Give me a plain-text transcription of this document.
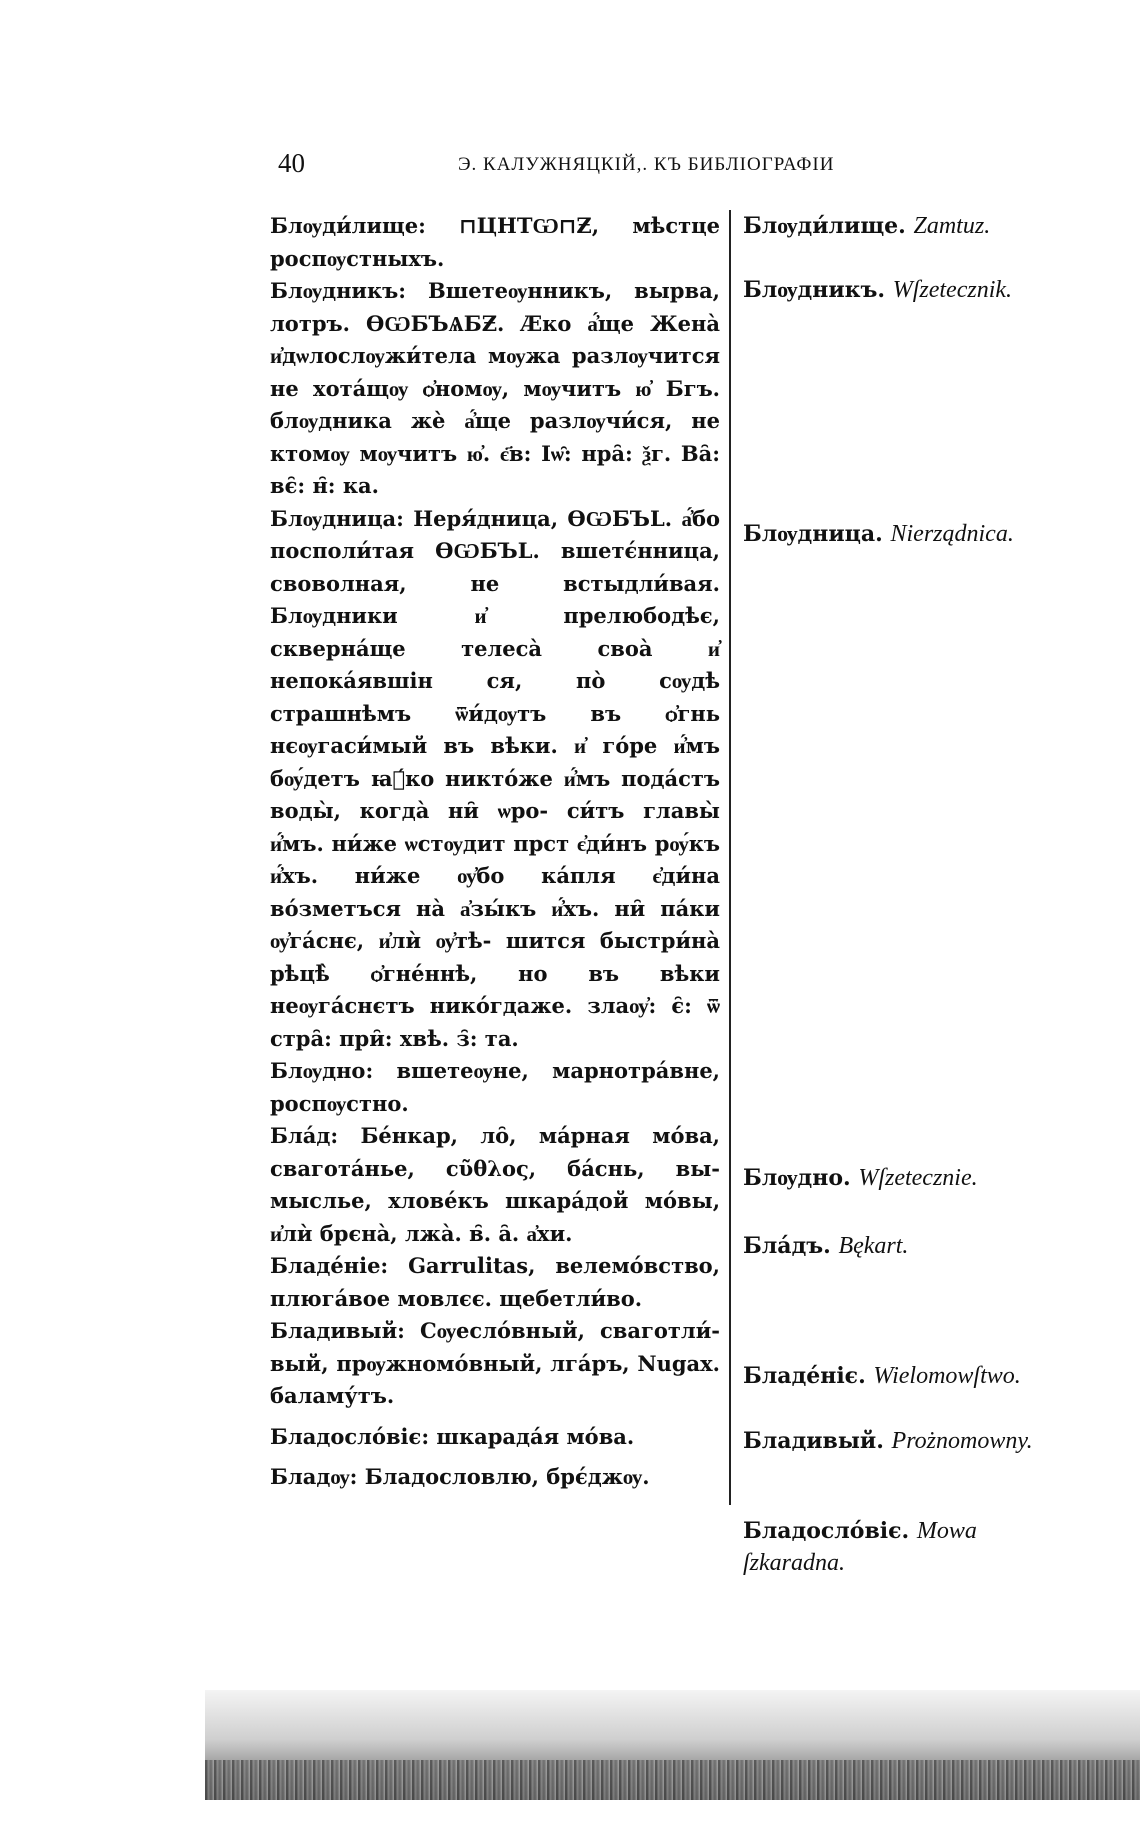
40	Э. КАЛУЖНЯЦКІЙ,. КЪ БИБЛІОГРАФІИ

Блѹди́лище: ⊓ЦНТѠ⊓Ƶ, мѣстце роспѹстныхъ.

Блѹдникъ: Вшетеѹнникъ, вырва, лотръ. ѲѠБЪѦБƵ. Ӕко а҆́ще Жена̀ и҆дѡлослѹжи́тела мѹжа разлѹчится не хота́щѹ ѻ҆номѹ, мѹчитъ ю҆ Бгъ. блѹдника жѐ а҆́ще разлѹчи́ся, не ктомѹ мѹчитъ ю҆. є҃в: Ιѡ̑: нра̑: ѯг. Ва̑: вє̑: н̑: ка.

Блѹдница: Неря́дница, ѲѠБЪL. а҆́бо посполи́тая ѲѠБЪL. вшетє́нница, своволная, не встыдли́вая. Блѹдники и҆ прелюбодѣє, скверна́ще телеса̀ своа̀ и҆ непока́явшін ся, по̀ сѹдѣ страшнѣмъ ѿи́дѹтъ въ ѻ҆гнь нєѹгаси́мый въ вѣки. и҆ го́ре и҆́мъ бѹ́детъ ꙗ҆́ко никто́же и҆́мъ пода́стъ воды̀, когда̀ ни̑ ѡро- си́тъ главы̀ и҆́мъ. ни́же ѡстѹдит прст є҆ди́нъ рѹ́къ и҆́хъ. ни́же ѹ҆бо ка́пля є҆ди́на во́зметъся на̀ а҆зы́къ и҆́хъ. ни̑ па́ки ѹ҆га́снє, и҆лѝ ѹ҆тѣ- шится быстри́на̀ рѣцѣ̀ ѻ҆гне́ннѣ, но въ вѣки неѹга́снєтъ нико́гдаже. злаѹ҆: є̑: ѿ стра̑: при̑: хвѣ. з̑: та.

Блѹдно: вшетеѹне, марнотра́вне, роспѹстно.

Бла́д: Бе́нкар, ло̑, ма́рная мо́ва, сваготáнье, ϲῦθλος, ба́снь, вы- мыслье, хлове́къ шкара́дой мо́вы, и҆лѝ брєна̀, лжа̀. в̑. а̑. а҆хи.

Бладе́ніе: Garrulitas, велемо́вство, плюга́вое мовлєє. щебетли́во.

Бладивый: Сѹесло́вный, сваготли́- вый, прѹжномо́вный, лга́ръ, Nugax. баламу́тъ.

Бладосло́віє: шкарадáя мо́ва.

Бладѹ: Бладословлю, брє́джѹ.

Блѹди́лище. Zamtuz.
Блѹдникъ. Wſzetecznik.
Блѹдница. Nierządnica.
Блѹдно. Wſzetecznie.
Бла́дъ. Bękart.
Бладе́ніє. Wielomowſtwo.
Бладивый. Prożnomowny.
Бладосло́віє. Mowa ſzkaradna.
